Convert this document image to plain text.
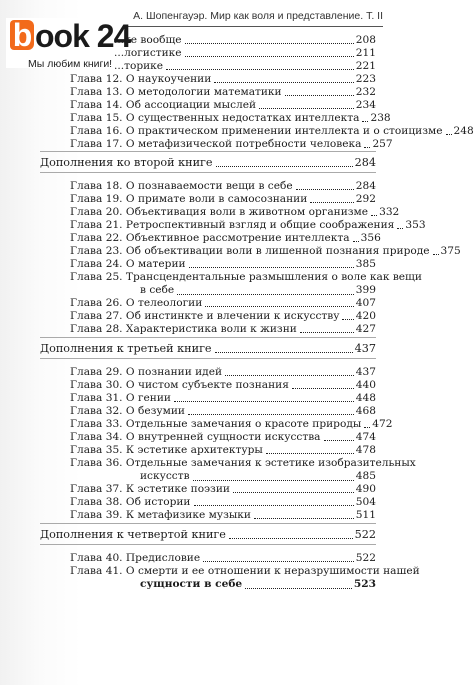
А. Шопенгауэр. Мир как воля и представление. Т. II
b ook 24
Мы любим книги!
...ке вообще	208
...логистике	211
...торике	221
Глава 12. О наукоучении	223
Глава 13. О методологии математики	232
Глава 14. Об ассоциации мыслей	234
Глава 15. О существенных недостатках интеллекта 238
Глава 16. О практическом применении интеллекта и о стоицизме 248
Глава 17. О метафизической потребности человека 257
Дополнения ко второй книге	284
Глава 18. О познаваемости вещи в себе	284
Глава 19. О примате воли в самосознании	292
Глава 20. Объективация воли в животном организме 332
Глава 21. Ретроспективный взгляд и общие соображения 353
Глава 22. Объективное рассмотрение интеллекта 356
Глава 23. Об объективации воли в лишенной познания природе 375
Глава 24. О материи	385
Глава 25. Трансцендентальные размышления о воле как вещи
в себе	399
Глава 26. О телеологии	407
Глава 27. Об инстинкте и влечении к искусству 420
Глава 28. Характеристика воли к жизни	427
Дополнения к третьей книге	437
Глава 29. О познании идей	437
Глава 30. О чистом субъекте познания	440
Глава 31. О гении	448
Глава 32. О безумии	468
Глава 33. Отдельные замечания о красоте природы 472
Глава 34. О внутренней сущности искусства	474
Глава 35. К эстетике архитектуры	478
Глава 36. Отдельные замечания к эстетике изобразительных
искусств	485
Глава 37. К эстетике поэзии	490
Глава 38. Об истории	504
Глава 39. К метафизике музыки	511
Дополнения к четвертой книге	522
Глава 40. Предисловие	522
Глава 41. О смерти и ее отношении к неразрушимости нашей
сущности в себе	523
